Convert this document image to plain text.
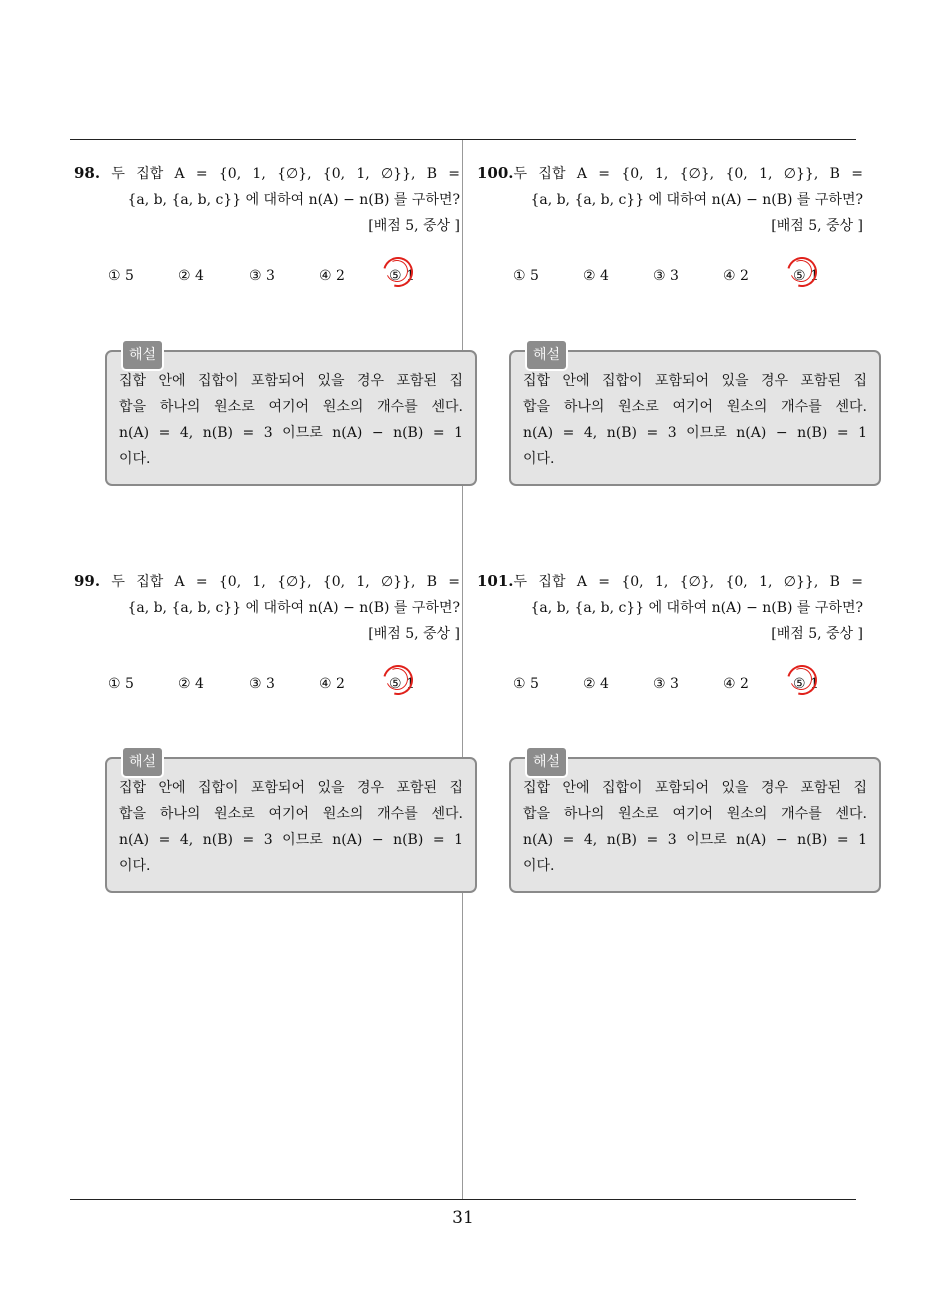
98. 두 집합 A = {0, 1, {∅}, {0, 1, ∅}}, B =
{a, b, {a, b, c}} 에 대하여 n(A) − n(B) 를 구하면?
[배점 5, 중상 ]
① 5	② 4	③ 3	④ 2	⑤ 1
해설
집합 안에 집합이 포함되어 있을 경우 포함된 집
합을 하나의 원소로 여기어 원소의 개수를 센다.
n(A) = 4, n(B) = 3 이므로 n(A) − n(B) = 1
이다.
99. 두 집합 A = {0, 1, {∅}, {0, 1, ∅}}, B =
{a, b, {a, b, c}} 에 대하여 n(A) − n(B) 를 구하면?
[배점 5, 중상 ]
① 5	② 4	③ 3	④ 2	⑤ 1
해설
집합 안에 집합이 포함되어 있을 경우 포함된 집
합을 하나의 원소로 여기어 원소의 개수를 센다.
n(A) = 4, n(B) = 3 이므로 n(A) − n(B) = 1
이다.
100.두 집합 A = {0, 1, {∅}, {0, 1, ∅}}, B =
{a, b, {a, b, c}} 에 대하여 n(A) − n(B) 를 구하면?
[배점 5, 중상 ]
① 5	② 4	③ 3	④ 2	⑤ 1
해설
집합 안에 집합이 포함되어 있을 경우 포함된 집
합을 하나의 원소로 여기어 원소의 개수를 센다.
n(A) = 4, n(B) = 3 이므로 n(A) − n(B) = 1
이다.
101.두 집합 A = {0, 1, {∅}, {0, 1, ∅}}, B =
{a, b, {a, b, c}} 에 대하여 n(A) − n(B) 를 구하면?
[배점 5, 중상 ]
① 5	② 4	③ 3	④ 2	⑤ 1
해설
집합 안에 집합이 포함되어 있을 경우 포함된 집
합을 하나의 원소로 여기어 원소의 개수를 센다.
n(A) = 4, n(B) = 3 이므로 n(A) − n(B) = 1
이다.
31
